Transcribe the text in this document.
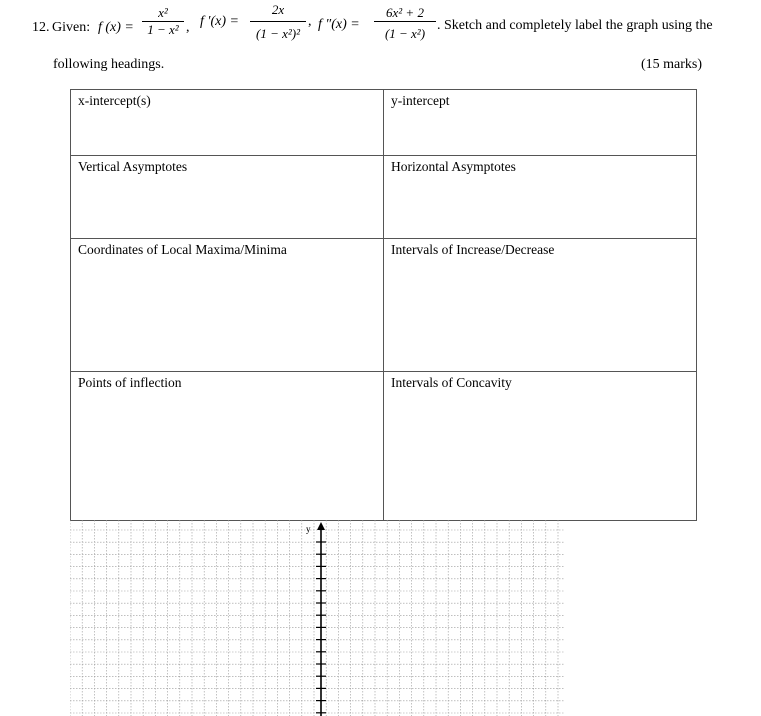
12. Given: f $(x) = \frac{\text{x²}}{\text{1 − x²}}$ , f $'(x) = \frac{2x}{\text{(1 − x²)²}}$ , f $''(x) = \frac{\text{6x² + 2}}{\text{(1 − x²)}}$ . Sketch and completely label the graph using the
following headings.	(15 marks)
x-intercept(s)	y-intercept
Vertical Asymptotes	Horizontal Asymptotes
Coordinates of Local Maxima/Minima	Intervals of Increase/Decrease
Points of inflection	Intervals of Concavity
y
